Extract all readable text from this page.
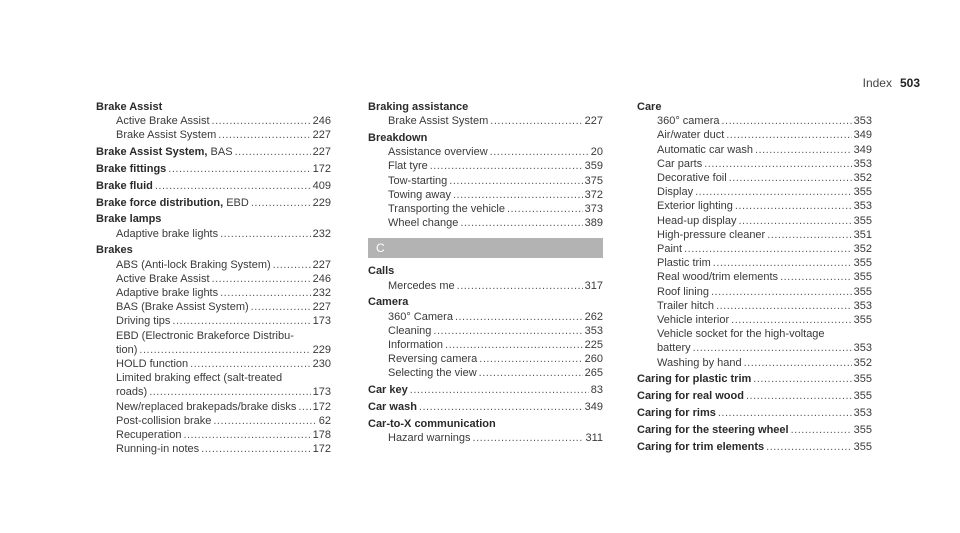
Index 503
Brake Assist
Active Brake Assist .....	246
Brake Assist System .....	227
Brake Assist System, BAS .....	227
Brake fittings .....	172
Brake fluid .....	409
Brake force distribution, EBD .....	229
Brake lamps
Adaptive brake lights .....	232
Brakes
ABS (Anti-lock Braking System) .....	227
Active Brake Assist .....	246
Adaptive brake lights .....	232
BAS (Brake Assist System) .....	227
Driving tips .....	173
EBD (Electronic Brakeforce Distribu-
tion) .....	229
HOLD function .....	230
Limited braking effect (salt-treated
roads) .....	173
New/replaced brakepads/brake disks ..... 172
Post-collision brake .....	62
Recuperation .....	178
Running-in notes .....	172
Braking assistance
Brake Assist System .....	227
Breakdown
Assistance overview .....	20
Flat tyre .....	359
Tow-starting .....	375
Towing away .....	372
Transporting the vehicle .....	373
Wheel change .....	389
C
Calls
Mercedes me .....	317
Camera
360° Camera .....	262
Cleaning .....	353
Information .....	225
Reversing camera .....	260
Selecting the view .....	265
Car key .....	83
Car wash .....	349
Car-to-X communication
Hazard warnings .....	311
Care
360° camera .....	353
Air/water duct .....	349
Automatic car wash .....	349
Car parts .....	353
Decorative foil .....	352
Display .....	355
Exterior lighting .....	353
Head-up display .....	355
High-pressure cleaner .....	351
Paint .....	352
Plastic trim .....	355
Real wood/trim elements .....	355
Roof lining .....	355
Trailer hitch .....	353
Vehicle interior .....	355
Vehicle socket for the high-voltage
battery .....	353
Washing by hand .....	352
Caring for plastic trim .....	355
Caring for real wood .....	355
Caring for rims .....	353
Caring for the steering wheel .....	355
Caring for trim elements .....	355
